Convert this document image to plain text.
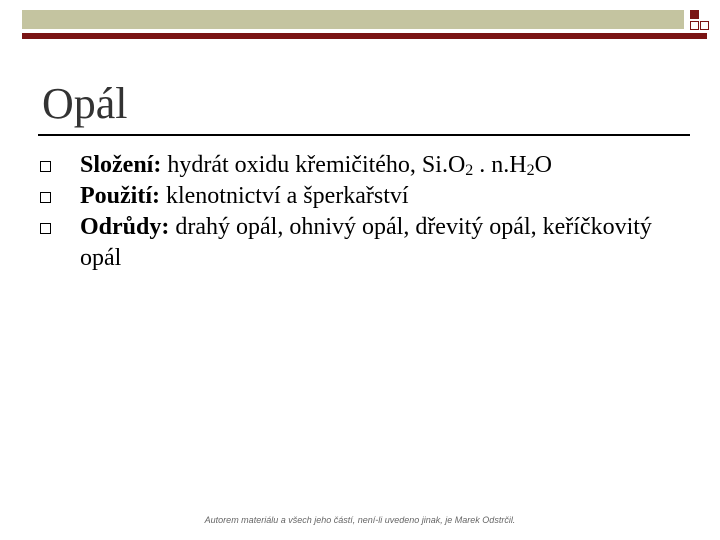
Opál
Složení: hydrát oxidu křemičitého, $Si.O_2$ . $n.H_2O$
Použití: klenotnictví a šperkařství
Odrůdy: drahý opál, ohnivý opál, dřevitý opál, keříčkovitý opál
Autorem materiálu a všech jeho částí, není-li uvedeno jinak, je Marek Odstrčil.
